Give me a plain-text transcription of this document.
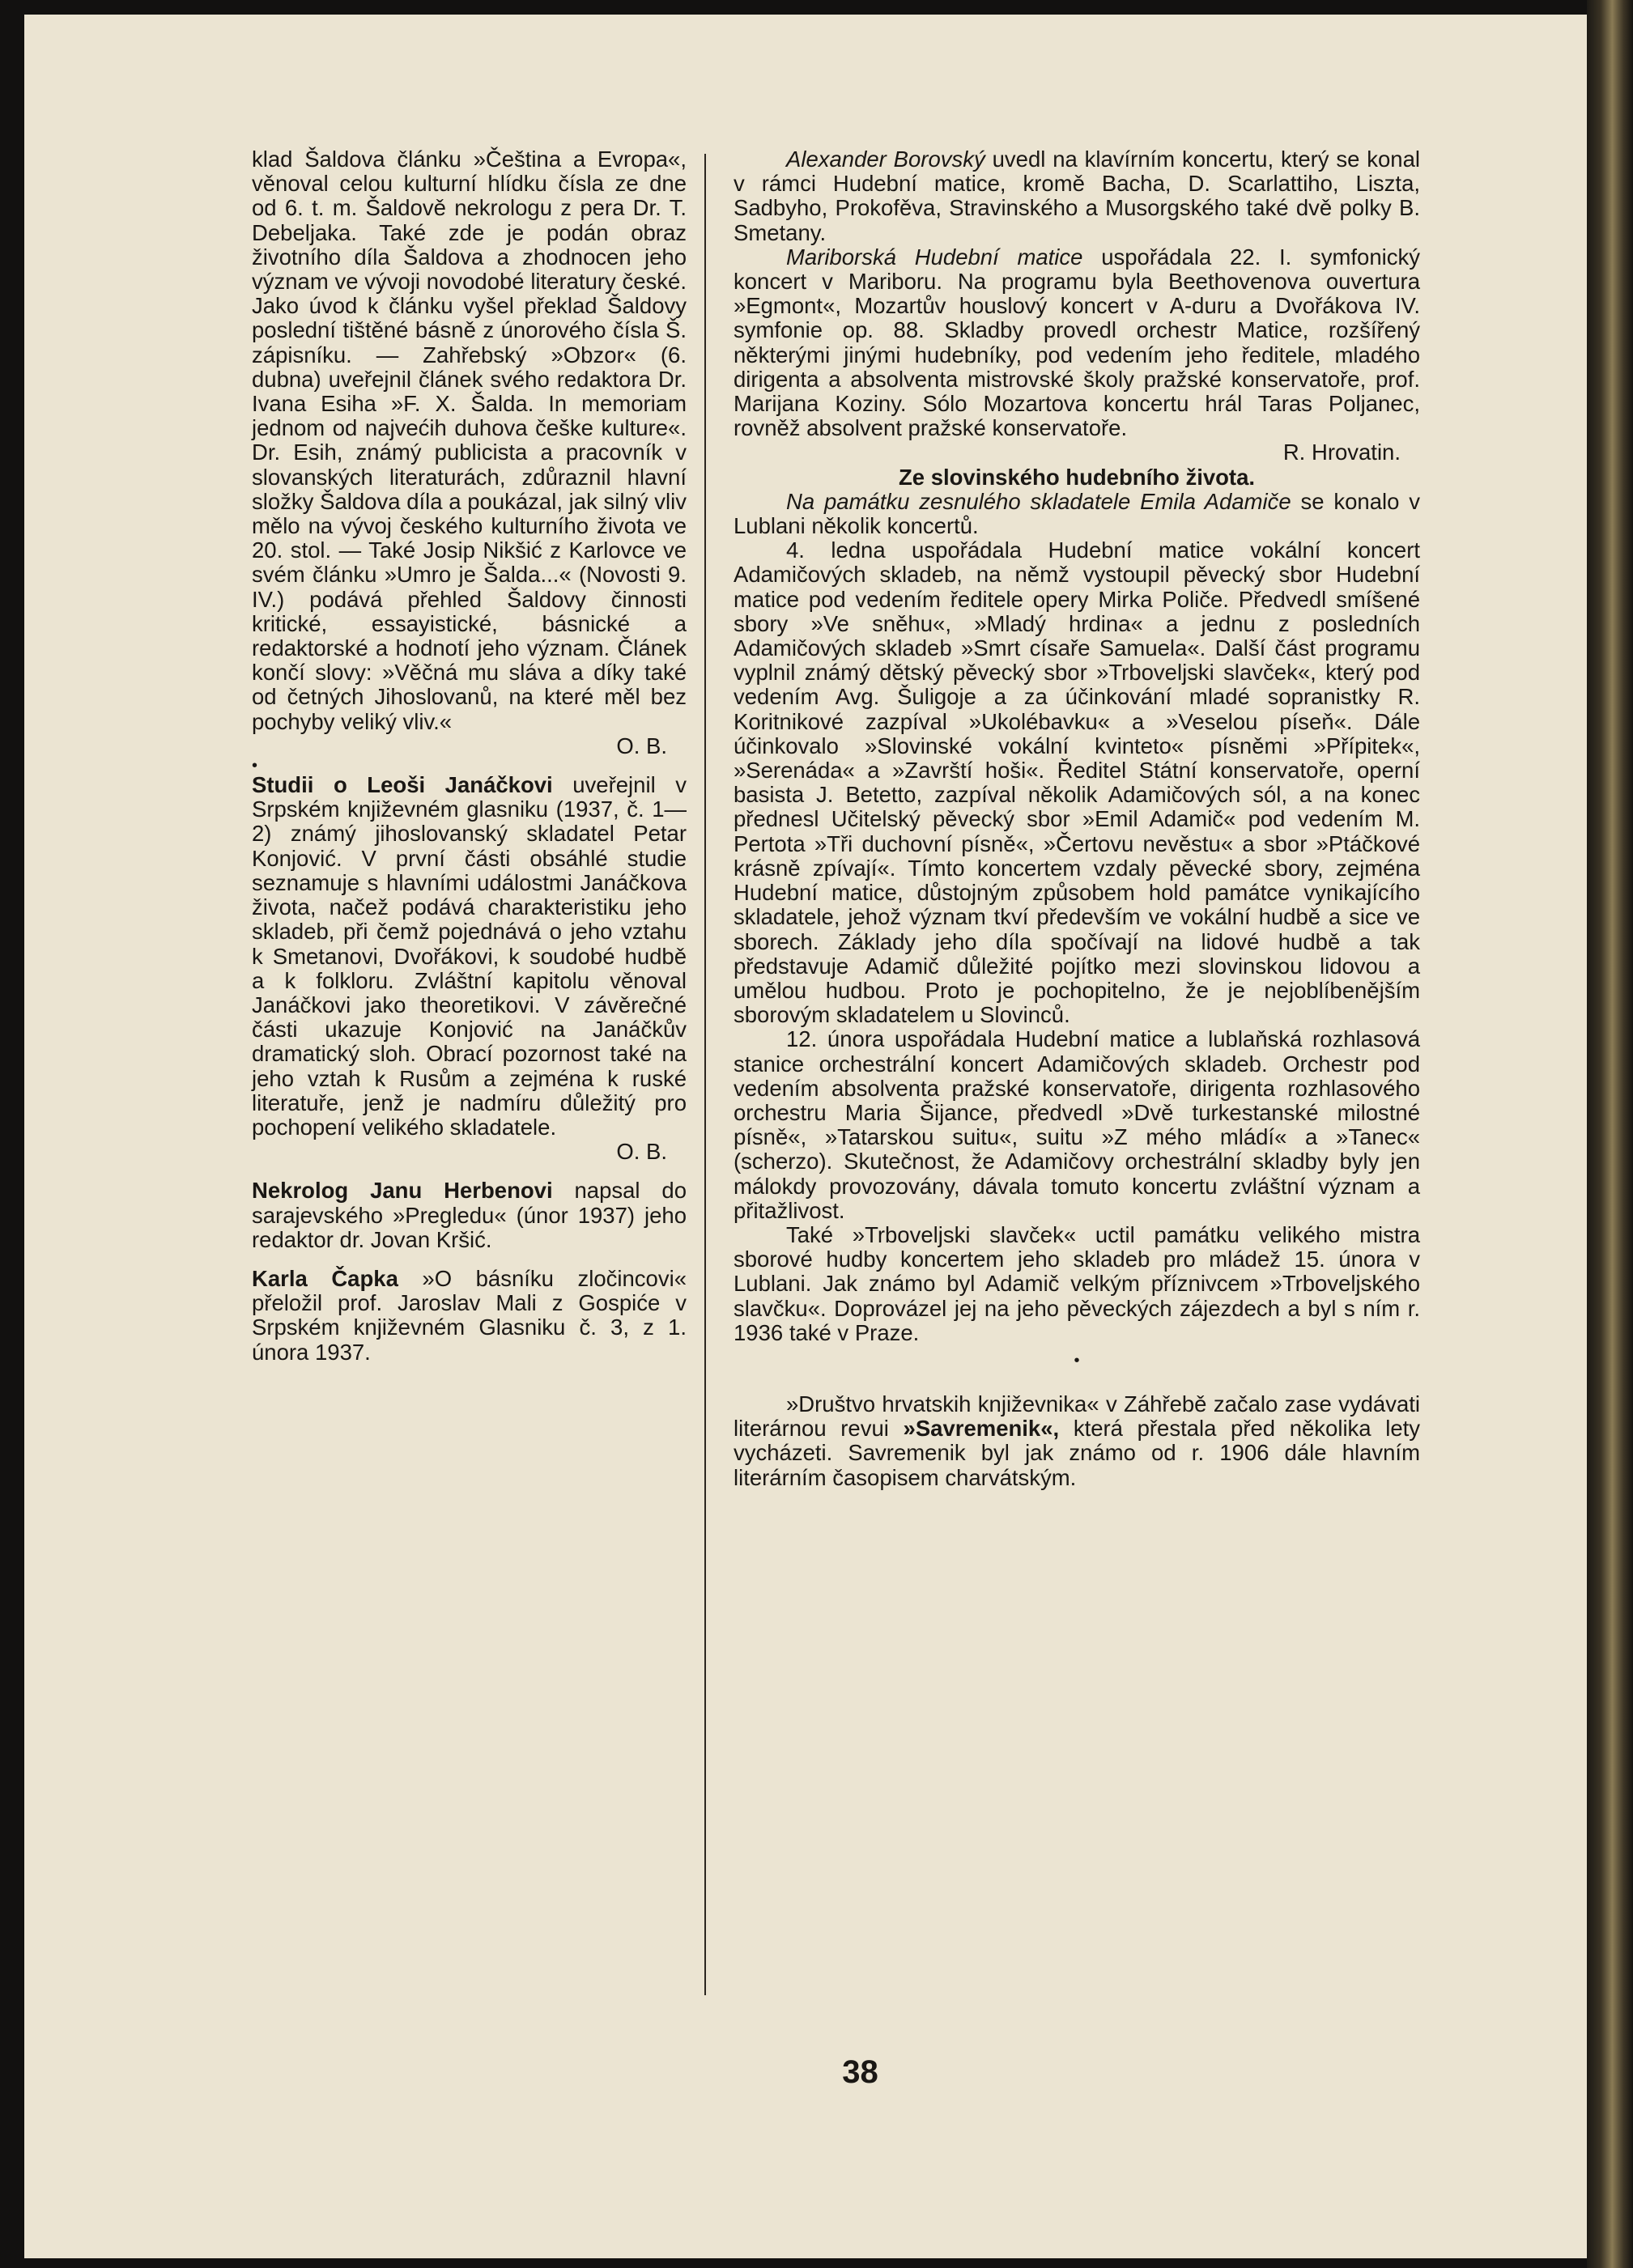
klad Šaldova článku »Čeština a Evropa«, věnoval celou kulturní hlídku čísla ze dne od 6. t. m. Šaldově nekrologu z pera Dr. T. Debeljaka. Také zde je podán obraz životního díla Šaldova a zhodnocen jeho význam ve vývoji novodobé literatury české. Jako úvod k článku vyšel překlad Šaldovy poslední tištěné básně z únorového čísla Š. zápisníku. — Zahřebský »Obzor« (6. dubna) uveřejnil článek svého redaktora Dr. Ivana Esiha »F. X. Šalda. In memoriam jednom od najvećih duhova češke kulture«. Dr. Esih, známý publicista a pracovník v slovanských literaturách, zdůraznil hlavní složky Šaldova díla a poukázal, jak silný vliv mělo na vývoj českého kulturního života ve 20. stol. — Také Josip Nikšić z Karlovce ve svém článku »Umro je Šalda...« (Novosti 9. IV.) podává přehled Šaldovy činnosti kritické, essayistické, básnické a redaktorské a hodnotí jeho význam. Článek končí slovy: »Věčná mu sláva a díky také od četných Jihoslovanů, na které měl bez pochyby veliký vliv.«

O. B.

•

Studii o Leoši Janáčkovi uveřejnil v Srpském književném glasniku (1937, č. 1—2) známý jihoslovanský skladatel Petar Konjović. V první části obsáhlé studie seznamuje s hlavními událostmi Janáčkova života, načež podává charakteristiku jeho skladeb, při čemž pojednává o jeho vztahu k Smetanovi, Dvořákovi, k soudobé hudbě a k folkloru. Zvláštní kapitolu věnoval Janáčkovi jako theoretikovi. V závěrečné části ukazuje Konjović na Janáčkův dramatický sloh. Obrací pozornost také na jeho vztah k Rusům a zejména k ruské literatuře, jenž je nadmíru důležitý pro pochopení velikého skladatele.

O. B.

Nekrolog Janu Herbenovi napsal do sarajevského »Pregledu« (únor 1937) jeho redaktor dr. Jovan Kršić.

Karla Čapka »O básníku zločincovi« přeložil prof. Jaroslav Mali z Gospiće v Srpském književném Glasniku č. 3, z 1. února 1937.

Alexander Borovský uvedl na klavírním koncertu, který se konal v rámci Hudební matice, kromě Bacha, D. Scarlattiho, Liszta, Sadbyho, Prokofěva, Stravinského a Musorgského také dvě polky B. Smetany.

Mariborská Hudební matice uspořádala 22. I. symfonický koncert v Mariboru. Na programu byla Beethovenova ouvertura »Egmont«, Mozartův houslový koncert v A-duru a Dvořákova IV. symfonie op. 88. Skladby provedl orchestr Matice, rozšířený některými jinými hudebníky, pod vedením jeho ředitele, mladého dirigenta a absolventa mistrovské školy pražské konservatoře, prof. Marijana Koziny. Sólo Mozartova koncertu hrál Taras Poljanec, rovněž absolvent pražské konservatoře.

R. Hrovatin.

Ze slovinského hudebního života.

Na památku zesnulého skladatele Emila Adamiče se konalo v Lublani několik koncertů.

4. ledna uspořádala Hudební matice vokální koncert Adamičových skladeb, na němž vystoupil pěvecký sbor Hudební matice pod vedením ředitele opery Mirka Poliče. Předvedl smíšené sbory »Ve sněhu«, »Mladý hrdina« a jednu z posledních Adamičových skladeb »Smrt císaře Samuela«. Další část programu vyplnil známý dětský pěvecký sbor »Trboveljski slavček«, který pod vedením Avg. Šuligoje a za účinkování mladé sopranistky R. Koritnikové zazpíval »Ukolébavku« a »Veselou píseň«. Dále účinkovalo »Slovinské vokální kvinteto« písněmi »Přípitek«, »Serenáda« a »Završtí hoši«. Ředitel Státní konservatoře, operní basista J. Betetto, zazpíval několik Adamičových sól, a na konec přednesl Učitelský pěvecký sbor »Emil Adamič« pod vedením M. Pertota »Tři duchovní písně«, »Čertovu nevěstu« a sbor »Ptáčkové krásně zpívají«. Tímto koncertem vzdaly pěvecké sbory, zejména Hudební matice, důstojným způsobem hold památce vynikajícího skladatele, jehož význam tkví především ve vokální hudbě a sice ve sborech. Základy jeho díla spočívají na lidové hudbě a tak představuje Adamič důležité pojítko mezi slovinskou lidovou a umělou hudbou. Proto je pochopitelno, že je nejoblíbenějším sborovým skladatelem u Slovinců.

12. února uspořádala Hudební matice a lublaňská rozhlasová stanice orchestrální koncert Adamičových skladeb. Orchestr pod vedením absolventa pražské konservatoře, dirigenta rozhlasového orchestru Maria Šijance, předvedl »Dvě turkestanské milostné písně«, »Tatarskou suitu«, suitu »Z mého mládí« a »Tanec« (scherzo). Skutečnost, že Adamičovy orchestrální skladby byly jen málokdy provozovány, dávala tomuto koncertu zvláštní význam a přitažlivost.

Také »Trboveljski slavček« uctil památku velikého mistra sborové hudby koncertem jeho skladeb pro mládež 15. února v Lublani. Jak známo byl Adamič velkým příznivcem »Trboveljského slavčku«. Doprovázel jej na jeho pěveckých zájezdech a byl s ním r. 1936 také v Praze.

•

»Društvo hrvatskih književnika« v Záhřebě začalo zase vydávati literárnou revui »Savremenik«, která přestala před několika lety vycházeti. Savremenik byl jak známo od r. 1906 dále hlavním literárním časopisem charvátským.

38
